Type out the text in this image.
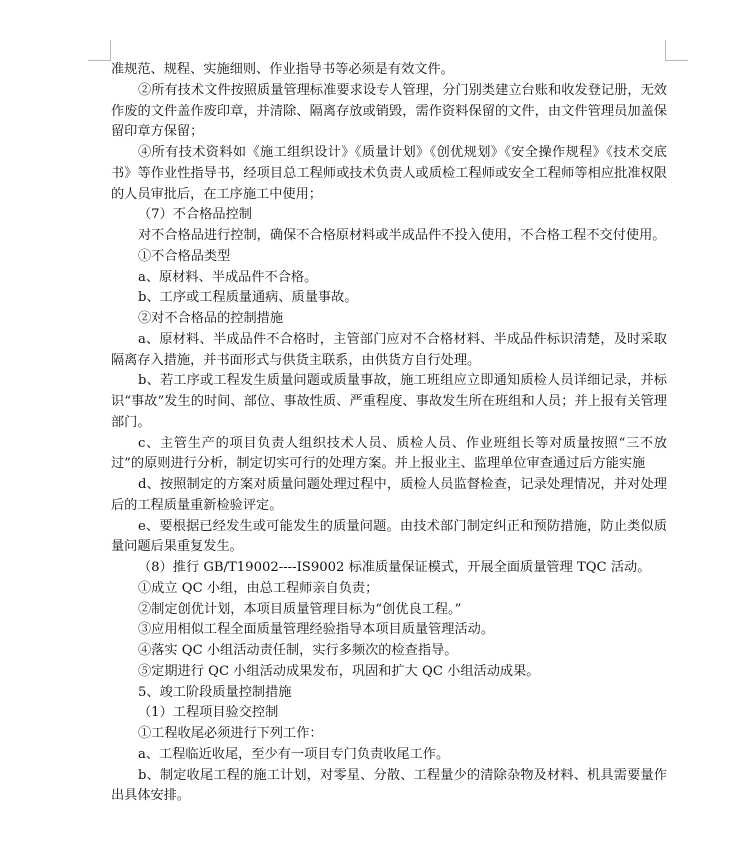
准规范、规程、实施细则、作业指导书等必须是有效文件。

②所有技术文件按照质量管理标准要求设专人管理，分门别类建立台账和收发登记册，无效作废的文件盖作废印章，并清除、隔离存放或销毁，需作资料保留的文件，由文件管理员加盖保留印章方保留；

④所有技术资料如《施工组织设计》《质量计划》《创优规划》《安全操作规程》《技术交底书》等作业性指导书，经项目总工程师或技术负责人或质检工程师或安全工程师等相应批准权限的人员审批后，在工序施工中使用；

（7）不合格品控制

对不合格品进行控制，确保不合格原材料或半成品件不投入使用，不合格工程不交付使用。

①不合格品类型

a、原材料、半成品件不合格。

b、工序或工程质量通病、质量事故。

②对不合格品的控制措施

a、原材料、半成品件不合格时，主管部门应对不合格材料、半成品件标识清楚，及时采取隔离存入措施，并书面形式与供货主联系，由供货方自行处理。

b、若工序或工程发生质量问题或质量事故，施工班组应立即通知质检人员详细记录，并标识“事故”发生的时间、部位、事故性质、严重程度、事故发生所在班组和人员；并上报有关管理部门。

c、主管生产的项目负责人组织技术人员、质检人员、作业班组长等对质量按照“三不放过”的原则进行分析，制定切实可行的处理方案。并上报业主、监理单位审查通过后方能实施

d、按照制定的方案对质量问题处理过程中，质检人员监督检查，记录处理情况，并对处理后的工程质量重新检验评定。

e、要根据已经发生或可能发生的质量问题。由技术部门制定纠正和预防措施，防止类似质量问题后果重复发生。

（8）推行 GB/T19002----IS9002 标准质量保证模式，开展全面质量管理 TQC 活动。

①成立 QC 小组，由总工程师亲自负责；

②制定创优计划，本项目质量管理目标为“创优良工程。”

③应用相似工程全面质量管理经验指导本项目质量管理活动。

④落实 QC 小组活动责任制，实行多频次的检查指导。

⑤定期进行 QC 小组活动成果发布，巩固和扩大 QC 小组活动成果。

5、竣工阶段质量控制措施

（1）工程项目验交控制

①工程收尾必须进行下列工作：

a、工程临近收尾，至少有一项目专门负责收尾工作。

b、制定收尾工程的施工计划，对零星、分散、工程量少的清除杂物及材料、机具需要量作出具体安排。
